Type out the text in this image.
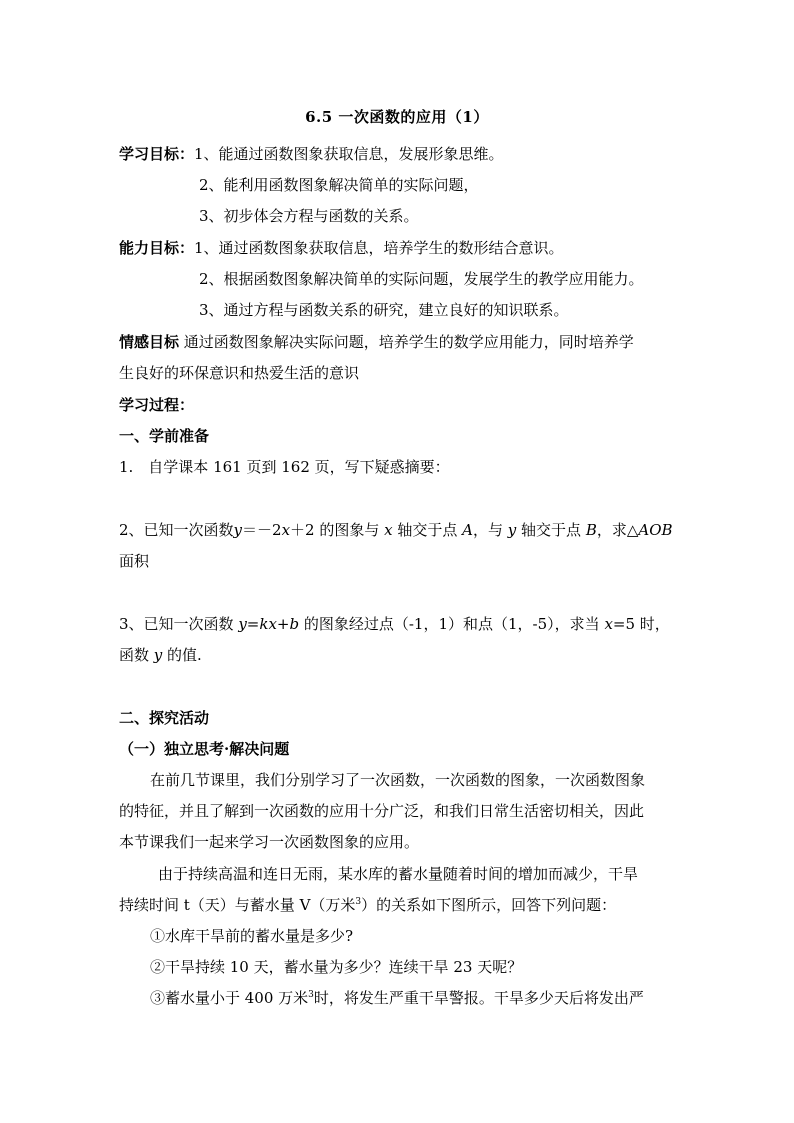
6.5 一次函数的应用（1）
学习目标：1、能通过函数图象获取信息，发展形象思维。
2、能利用函数图象解决简单的实际问题，
3、初步体会方程与函数的关系。
能力目标：1、通过函数图象获取信息，培养学生的数形结合意识。
2、根据函数图象解决简单的实际问题，发展学生的教学应用能力。
3、通过方程与函数关系的研究，建立良好的知识联系。
情感目标 通过函数图象解决实际问题，培养学生的数学应用能力，同时培养学
生良好的环保意识和热爱生活的意识
学习过程：
一、学前准备
1.　自学课本 161 页到 162 页，写下疑惑摘要：
2、已知一次函数y＝－2x＋2 的图象与 x 轴交于点 A，与 y 轴交于点 B，求△AOB
面积
3、已知一次函数 y=kx+b 的图象经过点（-1，1）和点（1，-5），求当 x=5 时，
函数 y 的值.
二、探究活动
（一）独立思考·解决问题
在前几节课里，我们分别学习了一次函数，一次函数的图象，一次函数图象
的特征，并且了解到一次函数的应用十分广泛，和我们日常生活密切相关，因此
本节课我们一起来学习一次函数图象的应用。
由于持续高温和连日无雨，某水库的蓄水量随着时间的增加而减少，干旱
持续时间 t（天）与蓄水量 V（万米$^3$）的关系如下图所示，回答下列问题：
①水库干旱前的蓄水量是多少?
②干旱持续 10 天，蓄水量为多少？连续干旱 23 天呢？
③蓄水量小于 400 万米$^3$时，将发生严重干旱警报。干旱多少天后将发出严
